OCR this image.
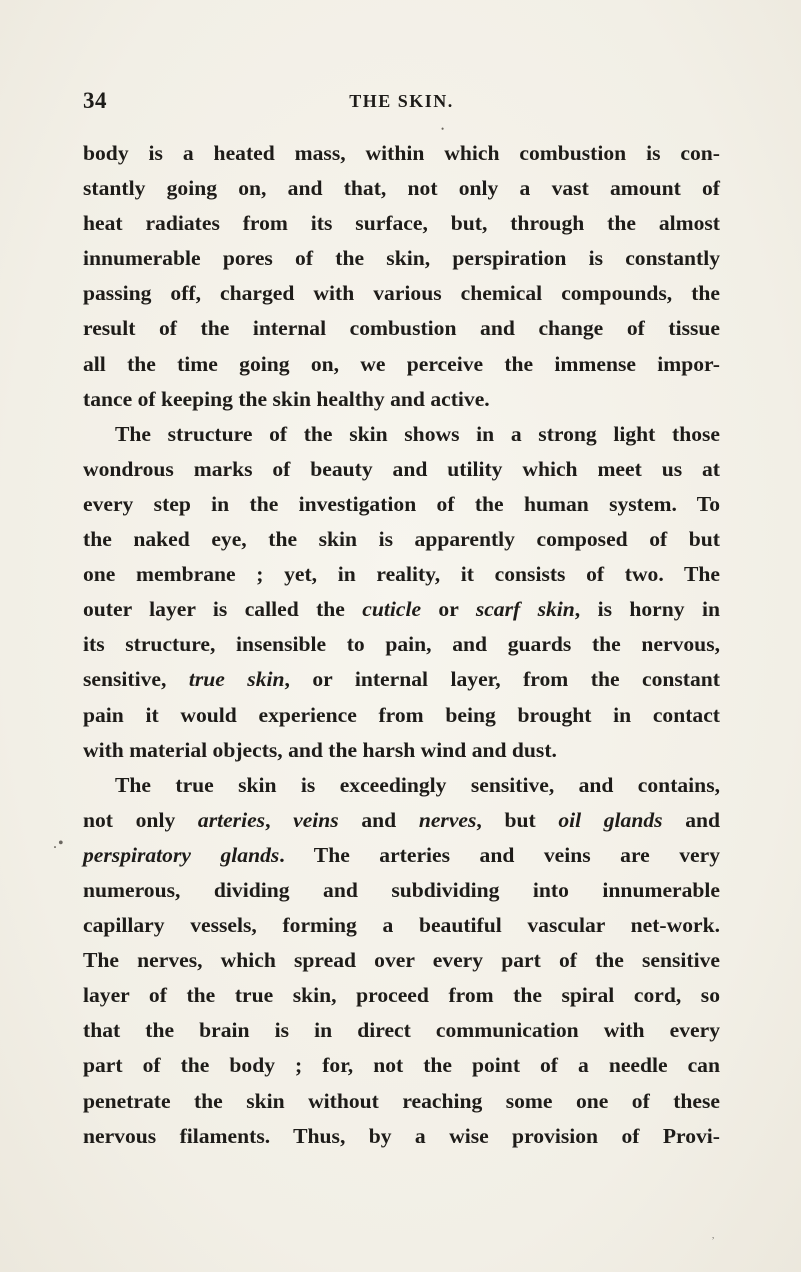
34	THE SKIN.
•
.•
,
body is a heated mass, within which combustion is con-
stantly going on, and that, not only a vast amount of
heat radiates from its surface, but, through the almost
innumerable pores of the skin, perspiration is constantly
passing off, charged with various chemical compounds, the
result of the internal combustion and change of tissue
all the time going on, we perceive the immense impor-
tance of keeping the skin healthy and active.
The structure of the skin shows in a strong light those
wondrous marks of beauty and utility which meet us at
every step in the investigation of the human system. To
the naked eye, the skin is apparently composed of but
one membrane ; yet, in reality, it consists of two. The
outer layer is called the cuticle or scarf skin, is horny in
its structure, insensible to pain, and guards the nervous,
sensitive, true skin, or internal layer, from the constant
pain it would experience from being brought in contact
with material objects, and the harsh wind and dust.
The true skin is exceedingly sensitive, and contains,
not only arteries, veins and nerves, but oil glands and
perspiratory glands. The arteries and veins are very
numerous, dividing and subdividing into innumerable
capillary vessels, forming a beautiful vascular net-work.
The nerves, which spread over every part of the sensitive
layer of the true skin, proceed from the spiral cord, so
that the brain is in direct communication with every
part of the body ; for, not the point of a needle can
penetrate the skin without reaching some one of these
nervous filaments. Thus, by a wise provision of Provi-
